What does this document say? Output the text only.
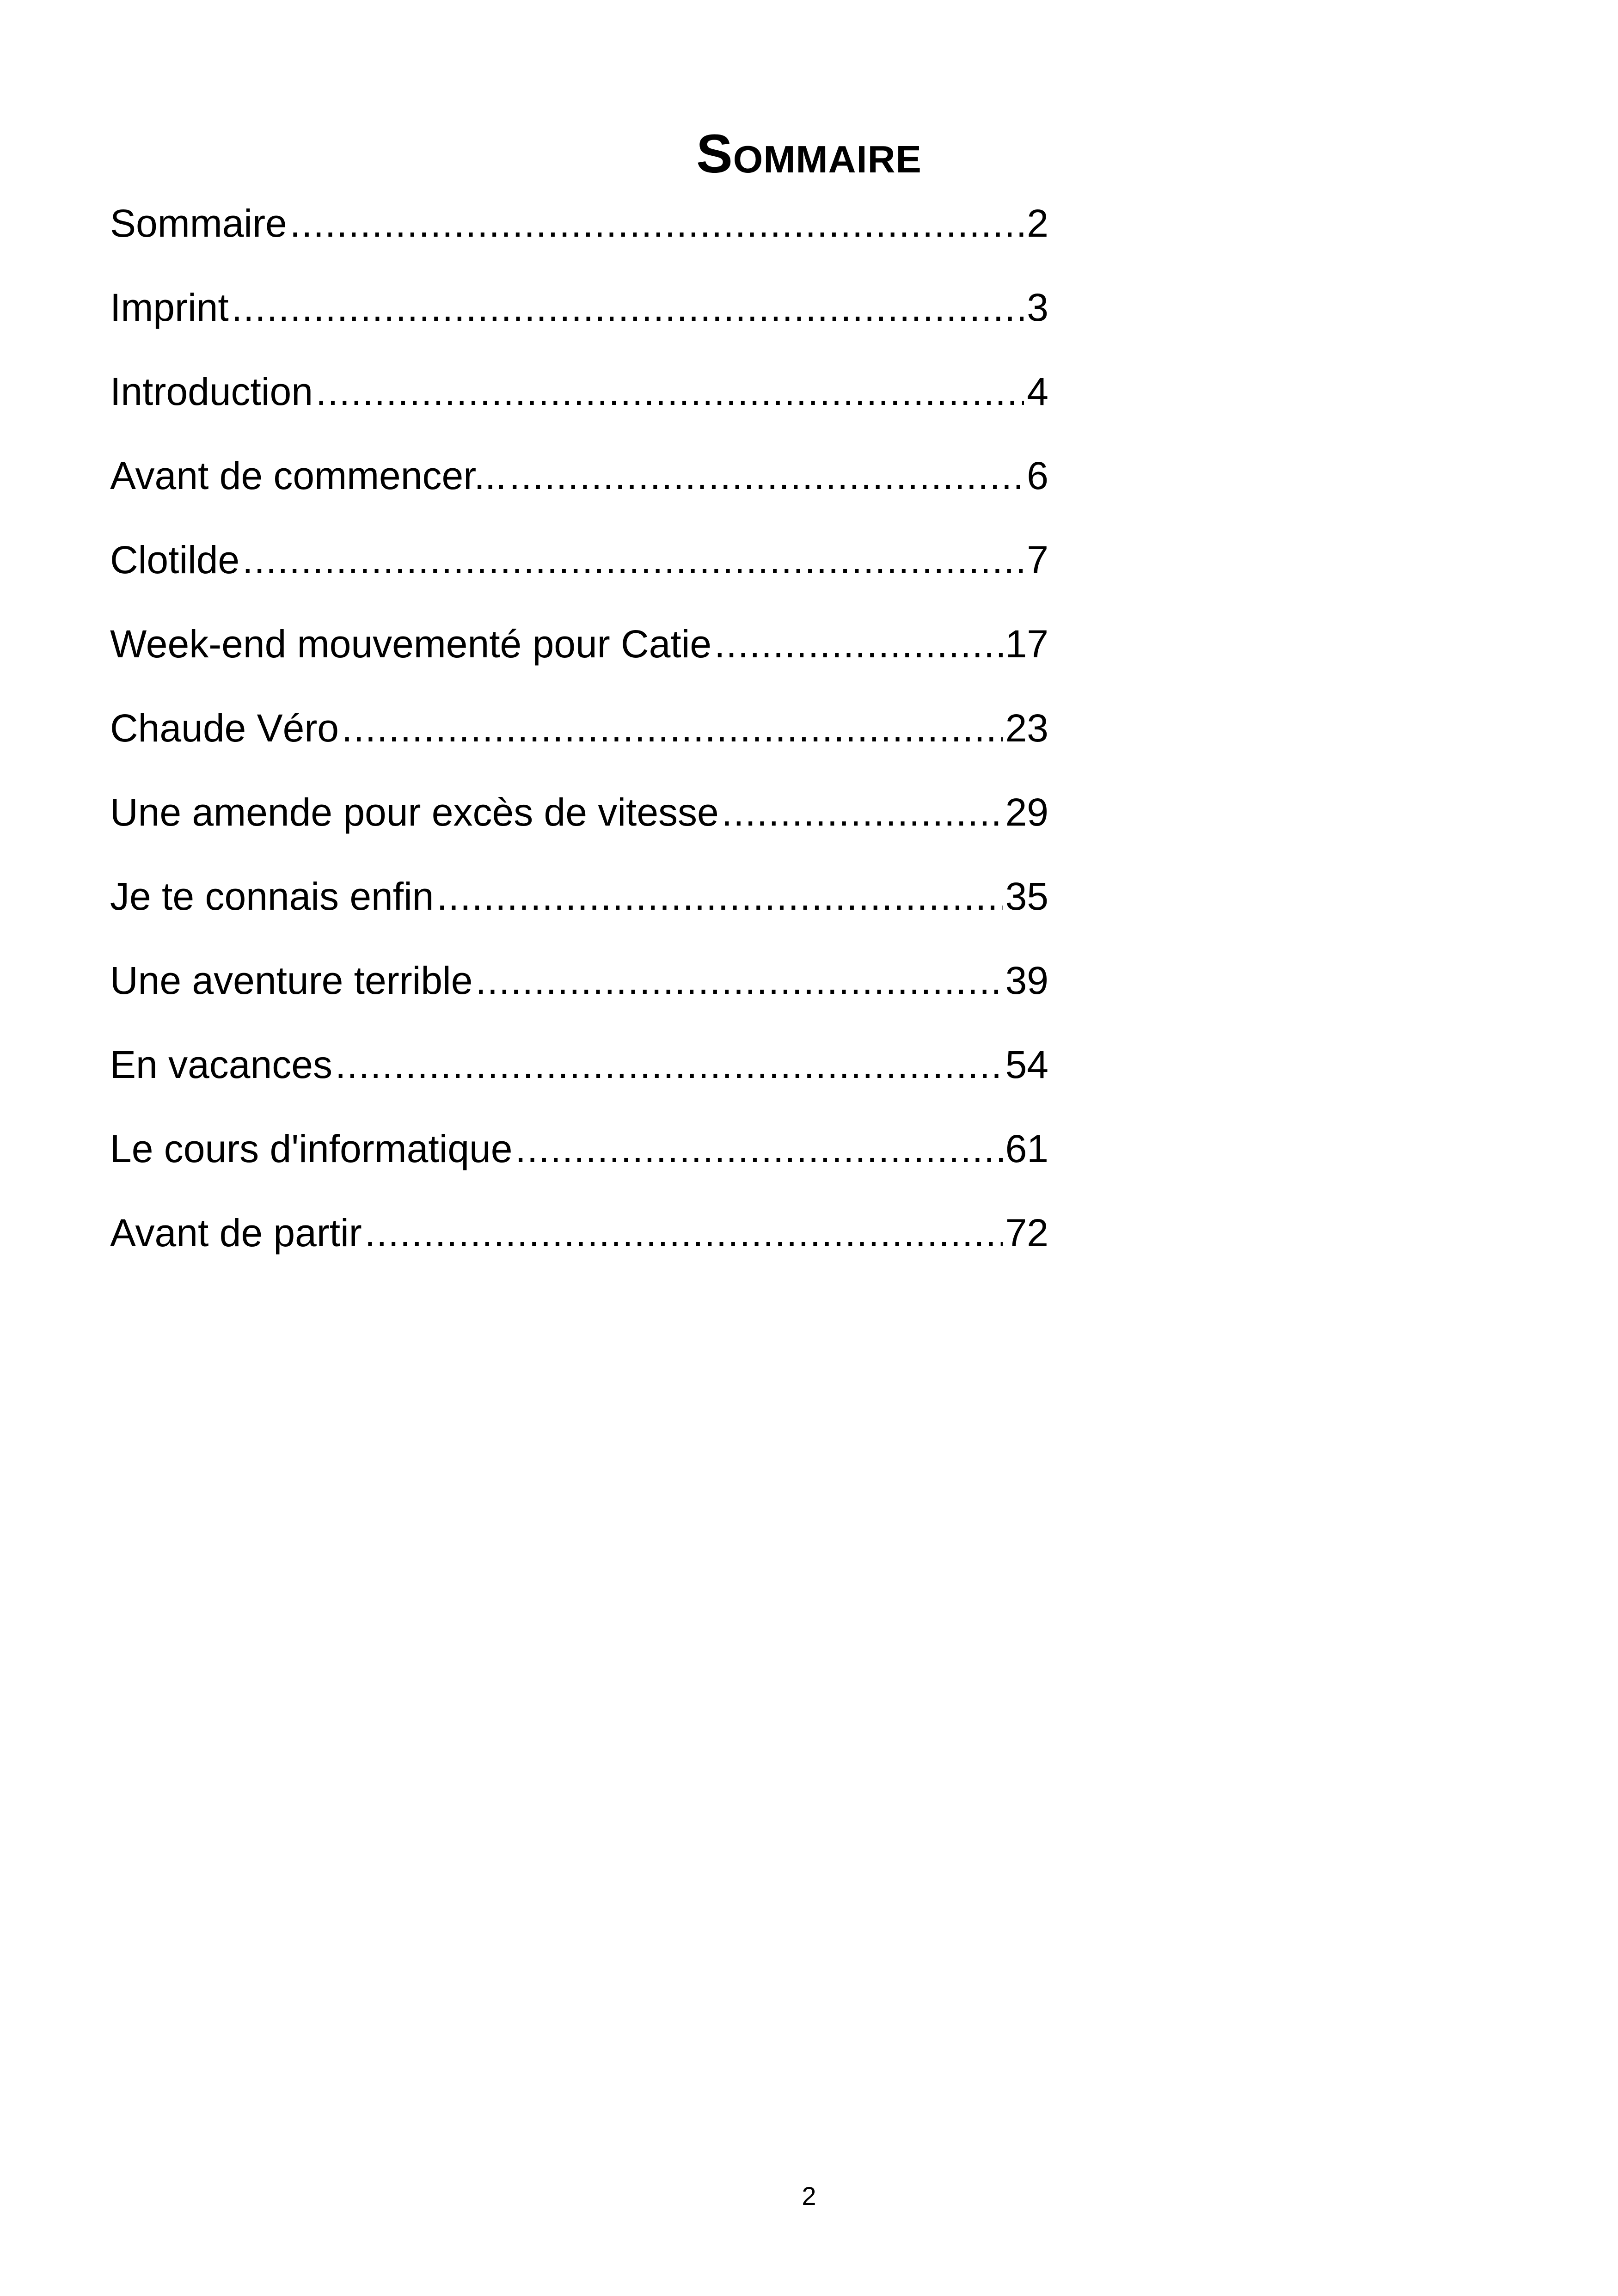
Sommaire
Sommaire .....	2
Imprint .....	3
Introduction .....	4
Avant de commencer... .....	6
Clotilde .....	7
Week-end mouvementé pour Catie .....	17
Chaude Véro .....	23
Une amende pour excès de vitesse .....	29
Je te connais enfin .....	35
Une aventure terrible .....	39
En vacances .....	54
Le cours d'informatique .....	61
Avant de partir .....	72
2
